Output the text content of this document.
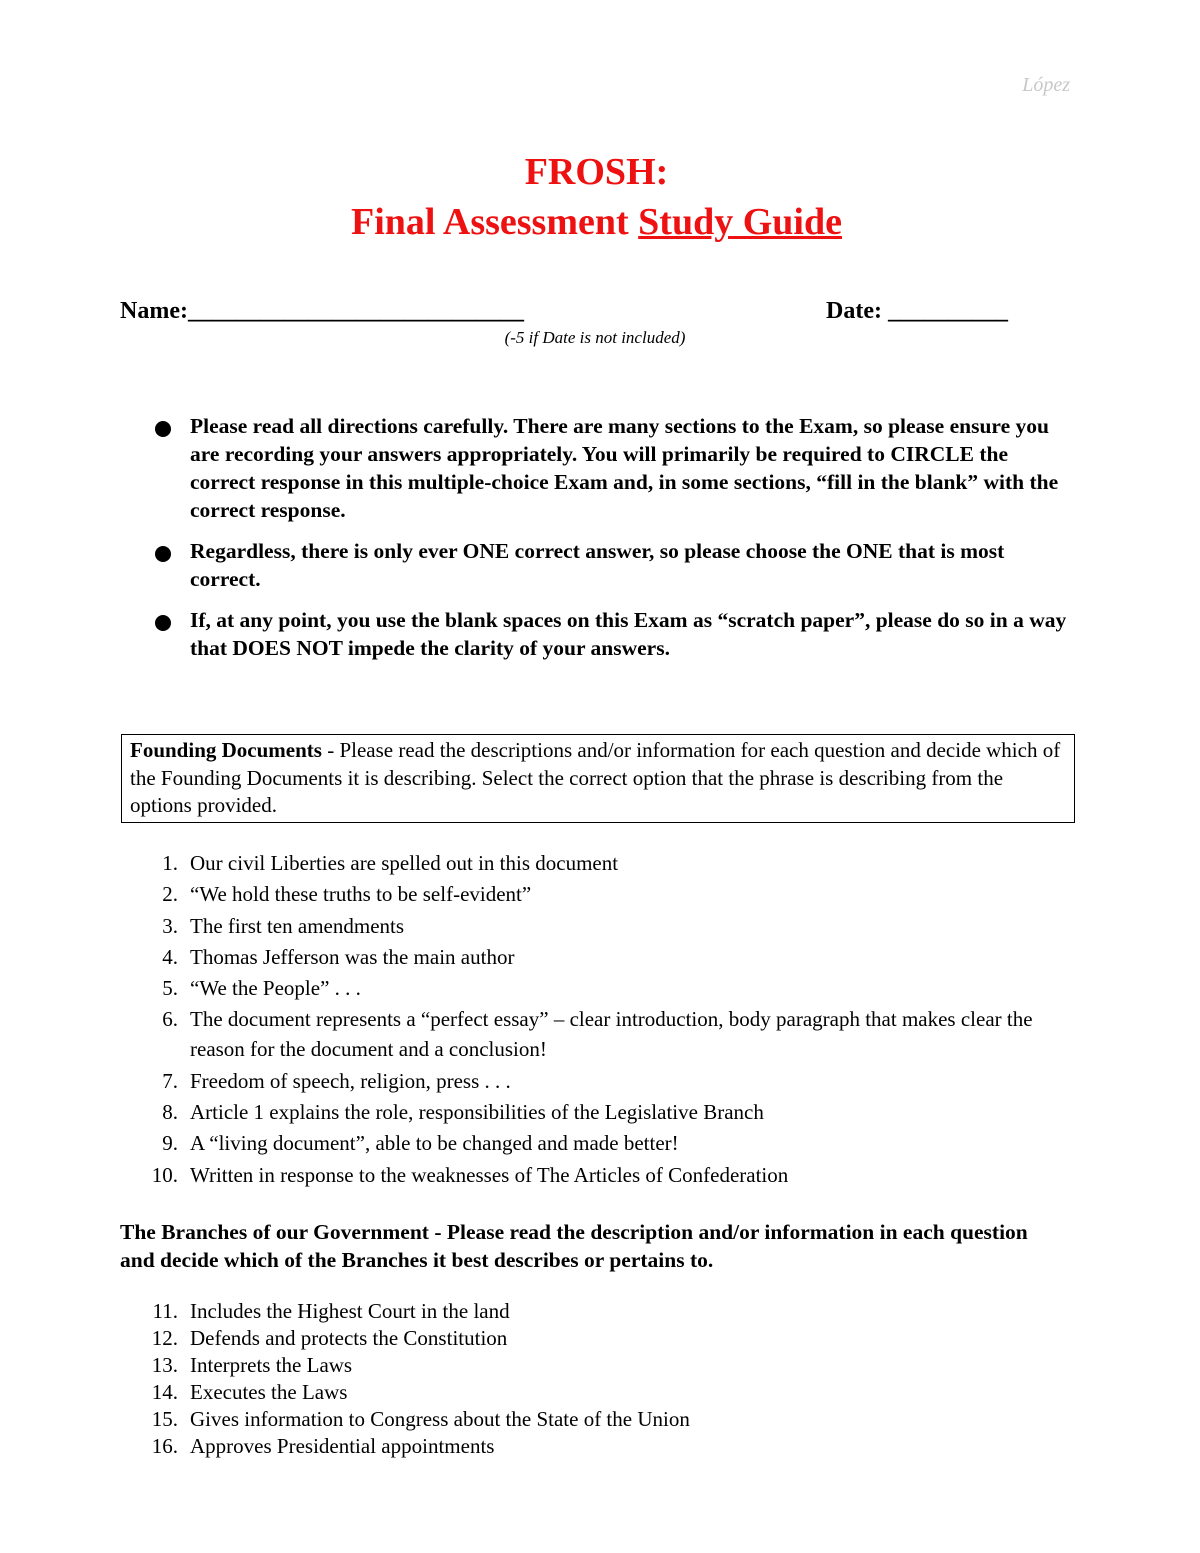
López
FROSH:
Final Assessment Study Guide
Name:____________________________	Date: __________
(-5 if Date is not included)
Please read all directions carefully. There are many sections to the Exam, so please ensure you are recording your answers appropriately. You will primarily be required to CIRCLE the correct response in this multiple-choice Exam and, in some sections, “fill in the blank” with the correct response.
Regardless, there is only ever ONE correct answer, so please choose the ONE that is most correct.
If, at any point, you use the blank spaces on this Exam as “scratch paper”, please do so in a way that DOES NOT impede the clarity of your answers.
Founding Documents - Please read the descriptions and/or information for each question and decide which of the Founding Documents it is describing. Select the correct option that the phrase is describing from the options provided.
1. Our civil Liberties are spelled out in this document
2. “We hold these truths to be self-evident”
3. The first ten amendments
4. Thomas Jefferson was the main author
5. “We the People” . . .
6. The document represents a “perfect essay” – clear introduction, body paragraph that makes clear the reason for the document and a conclusion!
7. Freedom of speech, religion, press . . .
8. Article 1 explains the role, responsibilities of the Legislative Branch
9. A “living document”, able to be changed and made better!
10. Written in response to the weaknesses of The Articles of Confederation
The Branches of our Government - Please read the description and/or information in each question and decide which of the Branches it best describes or pertains to.
11. Includes the Highest Court in the land
12. Defends and protects the Constitution
13. Interprets the Laws
14. Executes the Laws
15. Gives information to Congress about the State of the Union
16. Approves Presidential appointments
